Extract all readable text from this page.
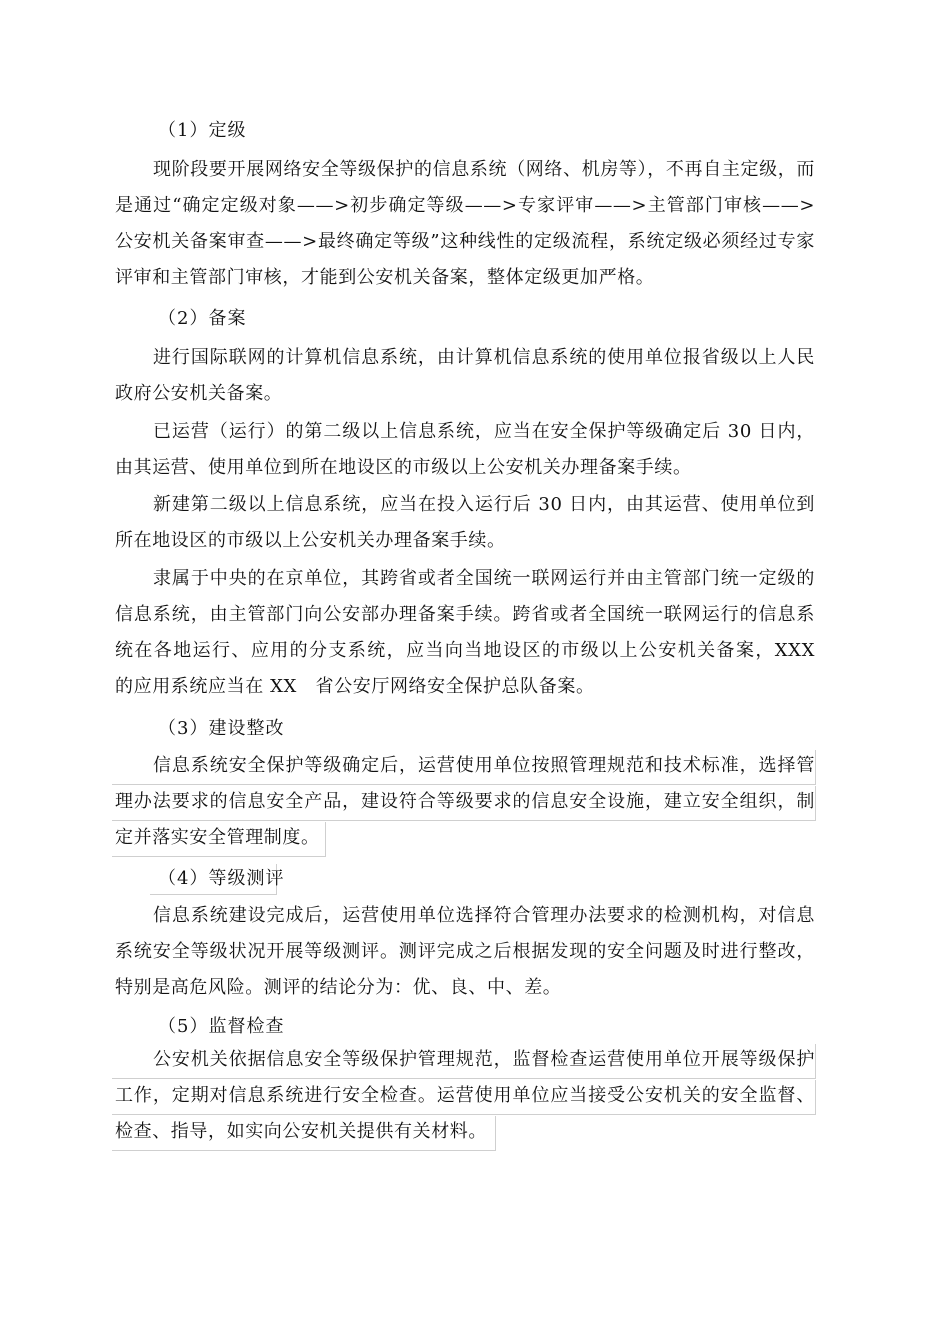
（1）定级
现阶段要开展网络安全等级保护的信息系统（网络、机房等），不再自主定级，而是通过“确定定级对象——>初步确定等级——>专家评审——>主管部门审核——>公安机关备案审查——>最终确定等级”这种线性的定级流程，系统定级必须经过专家评审和主管部门审核，才能到公安机关备案，整体定级更加严格。
（2）备案
进行国际联网的计算机信息系统，由计算机信息系统的使用单位报省级以上人民政府公安机关备案。
已运营（运行）的第二级以上信息系统，应当在安全保护等级确定后 30 日内，由其运营、使用单位到所在地设区的市级以上公安机关办理备案手续。
新建第二级以上信息系统，应当在投入运行后 30 日内，由其运营、使用单位到所在地设区的市级以上公安机关办理备案手续。
隶属于中央的在京单位，其跨省或者全国统一联网运行并由主管部门统一定级的信息系统，由主管部门向公安部办理备案手续。跨省或者全国统一联网运行的信息系统在各地运行、应用的分支系统，应当向当地设区的市级以上公安机关备案，XXX　的应用系统应当在 XX　省公安厅网络安全保护总队备案。
（3）建设整改
信息系统安全保护等级确定后，运营使用单位按照管理规范和技术标准，选择管理办法要求的信息安全产品，建设符合等级要求的信息安全设施，建立安全组织，制定并落实安全管理制度。
（4）等级测评
信息系统建设完成后，运营使用单位选择符合管理办法要求的检测机构，对信息系统安全等级状况开展等级测评。测评完成之后根据发现的安全问题及时进行整改，特别是高危风险。测评的结论分为：优、良、中、差。
（5）监督检查
公安机关依据信息安全等级保护管理规范，监督检查运营使用单位开展等级保护工作，定期对信息系统进行安全检查。运营使用单位应当接受公安机关的安全监督、检查、指导，如实向公安机关提供有关材料。
